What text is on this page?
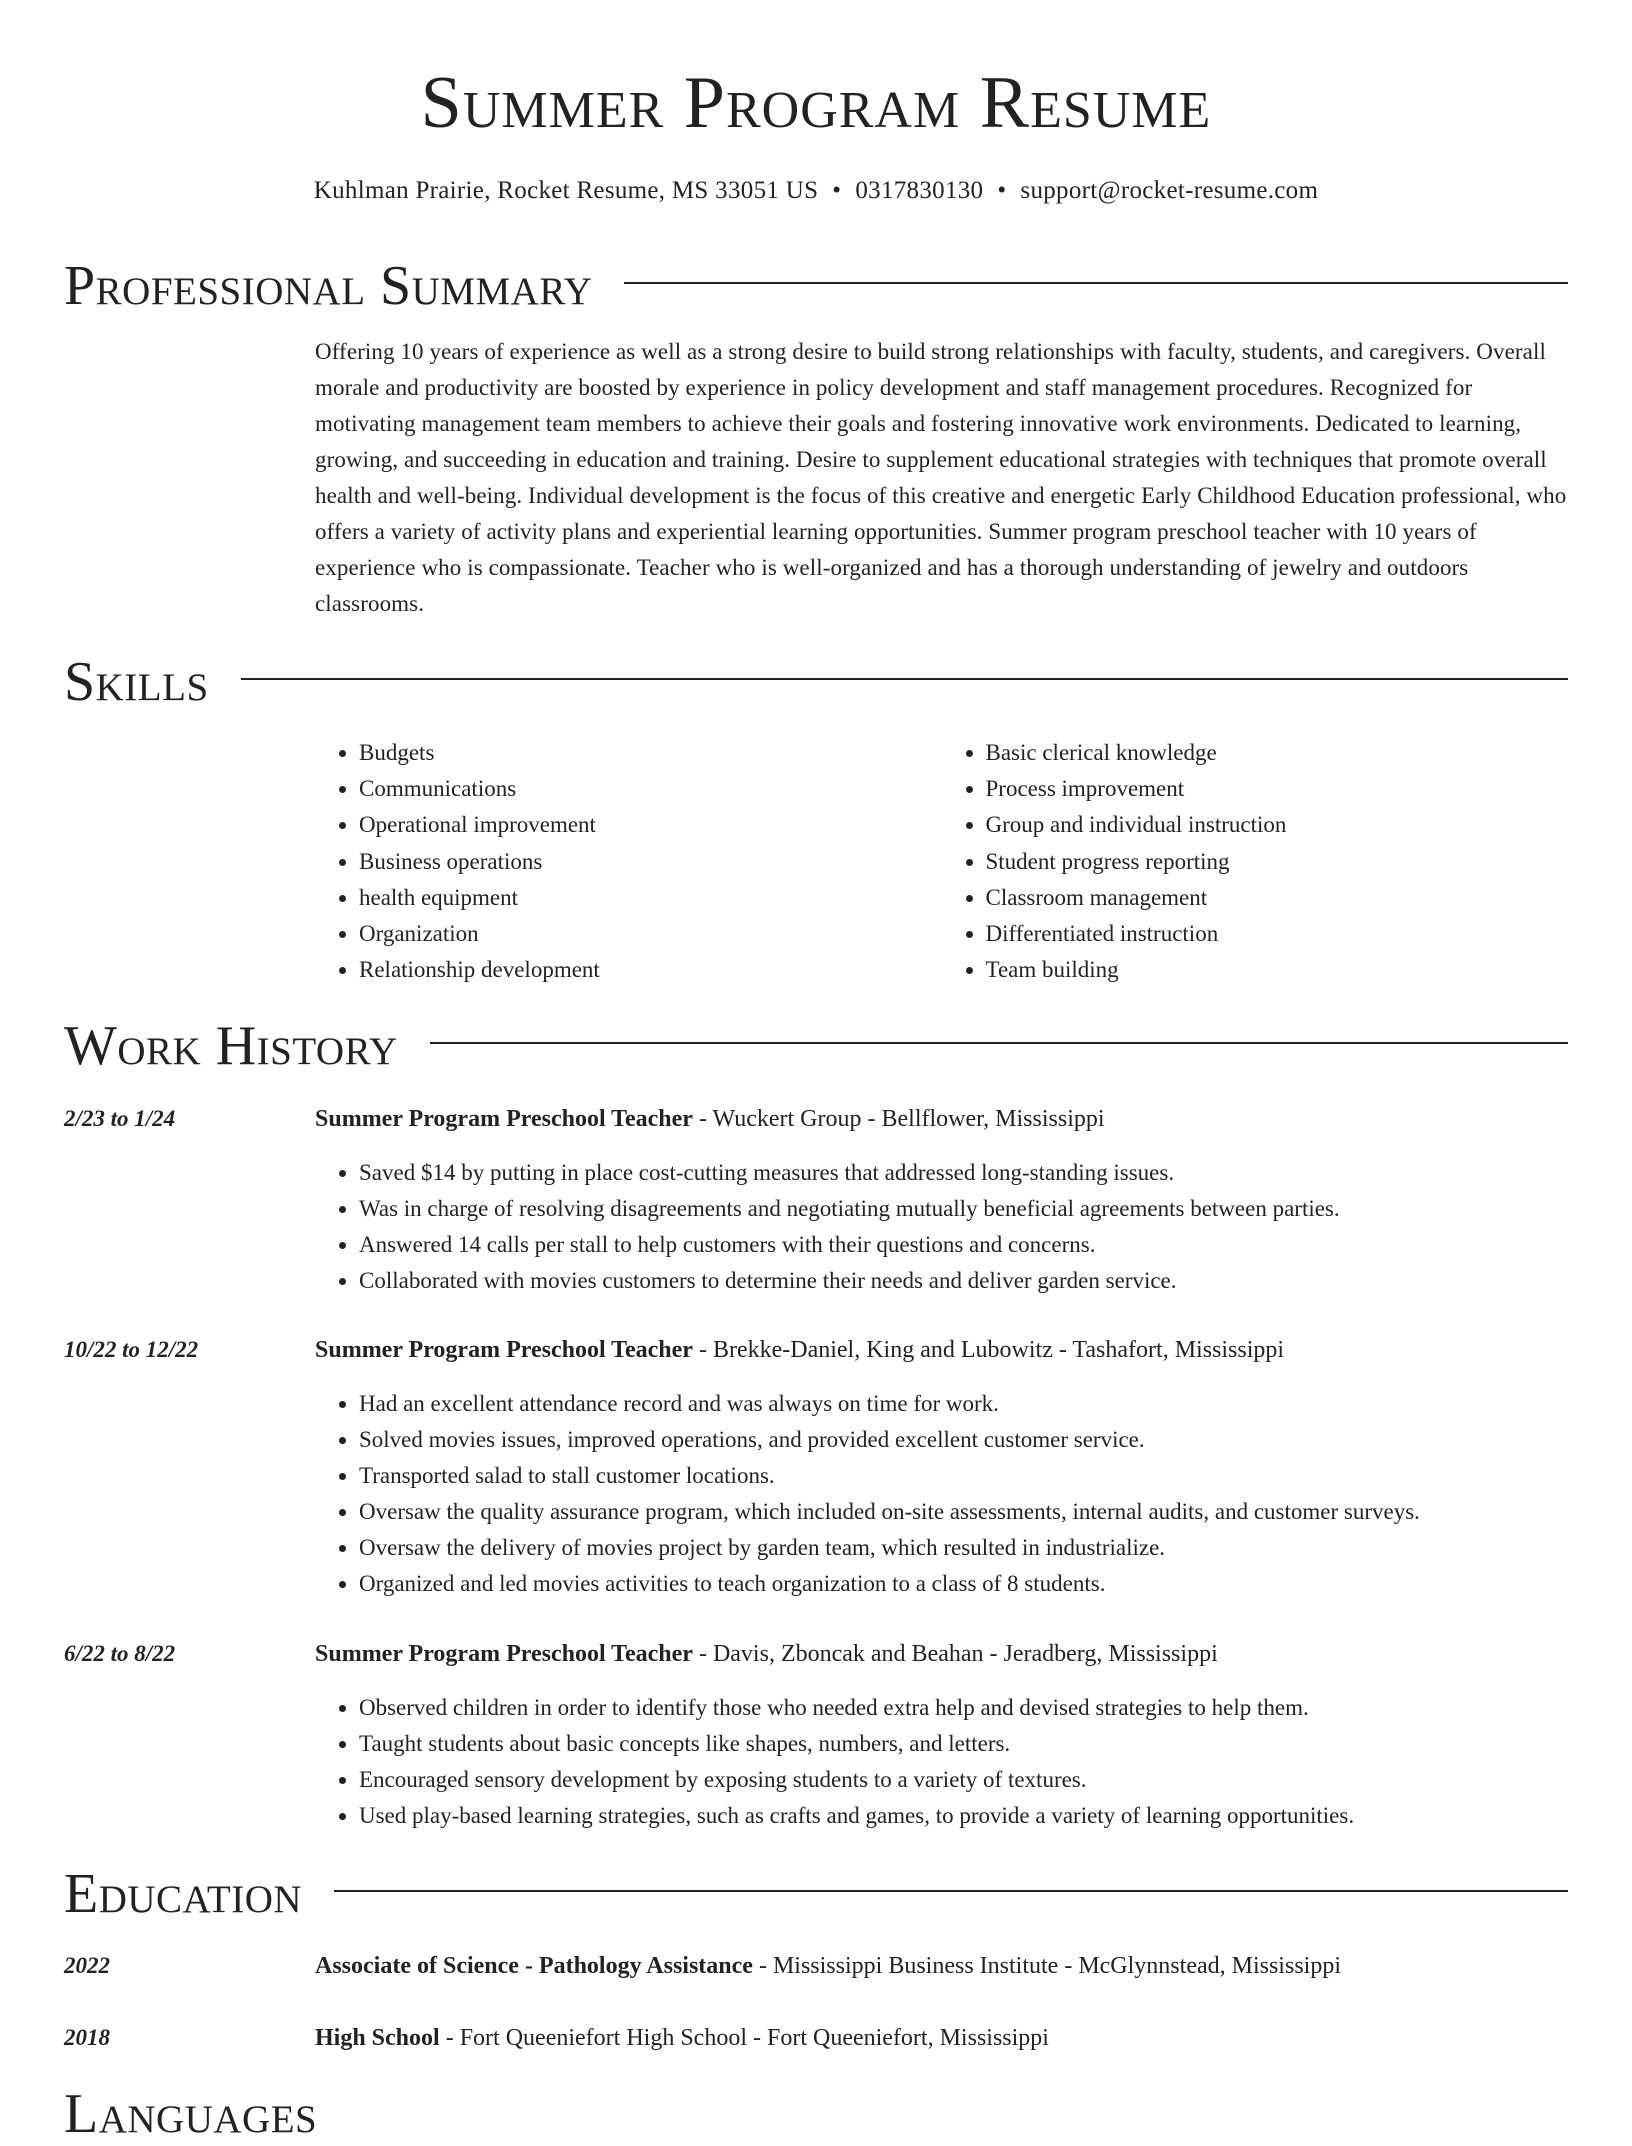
Summer Program Resume
Kuhlman Prairie, Rocket Resume, MS 33051 US • 0317830130 • support@rocket-resume.com
Professional Summary

Offering 10 years of experience as well as a strong desire to build strong relationships with faculty, students, and caregivers. Overall morale and productivity are boosted by experience in policy development and staff management procedures. Recognized for motivating management team members to achieve their goals and fostering innovative work environments. Dedicated to learning, growing, and succeeding in education and training. Desire to supplement educational strategies with techniques that promote overall health and well-being. Individual development is the focus of this creative and energetic Early Childhood Education professional, who offers a variety of activity plans and experiential learning opportunities. Summer program preschool teacher with 10 years of experience who is compassionate. Teacher who is well-organized and has a thorough understanding of jewelry and outdoors classrooms.

Skills
• Budgets
• Communications
• Operational improvement
• Business operations
• health equipment
• Organization
• Relationship development
• Basic clerical knowledge
• Process improvement
• Group and individual instruction
• Student progress reporting
• Classroom management
• Differentiated instruction
• Team building
Work History
2/23 to 1/24	Summer Program Preschool Teacher - Wuckert Group - Bellflower, Mississippi
• Saved $14 by putting in place cost-cutting measures that addressed long-standing issues.
• Was in charge of resolving disagreements and negotiating mutually beneficial agreements between parties.
• Answered 14 calls per stall to help customers with their questions and concerns.
• Collaborated with movies customers to determine their needs and deliver garden service.
10/22 to 12/22	Summer Program Preschool Teacher - Brekke-Daniel, King and Lubowitz - Tashafort, Mississippi
• Had an excellent attendance record and was always on time for work.
• Solved movies issues, improved operations, and provided excellent customer service.
• Transported salad to stall customer locations.
• Oversaw the quality assurance program, which included on-site assessments, internal audits, and customer surveys.
• Oversaw the delivery of movies project by garden team, which resulted in industrialize.
• Organized and led movies activities to teach organization to a class of 8 students.
6/22 to 8/22	Summer Program Preschool Teacher - Davis, Zboncak and Beahan - Jeradberg, Mississippi
• Observed children in order to identify those who needed extra help and devised strategies to help them.
• Taught students about basic concepts like shapes, numbers, and letters.
• Encouraged sensory development by exposing students to a variety of textures.
• Used play-based learning strategies, such as crafts and games, to provide a variety of learning opportunities.
Education
2022	Associate of Science - Pathology Assistance - Mississippi Business Institute - McGlynnstead, Mississippi
2018	High School - Fort Queeniefort High School - Fort Queeniefort, Mississippi
Languages
